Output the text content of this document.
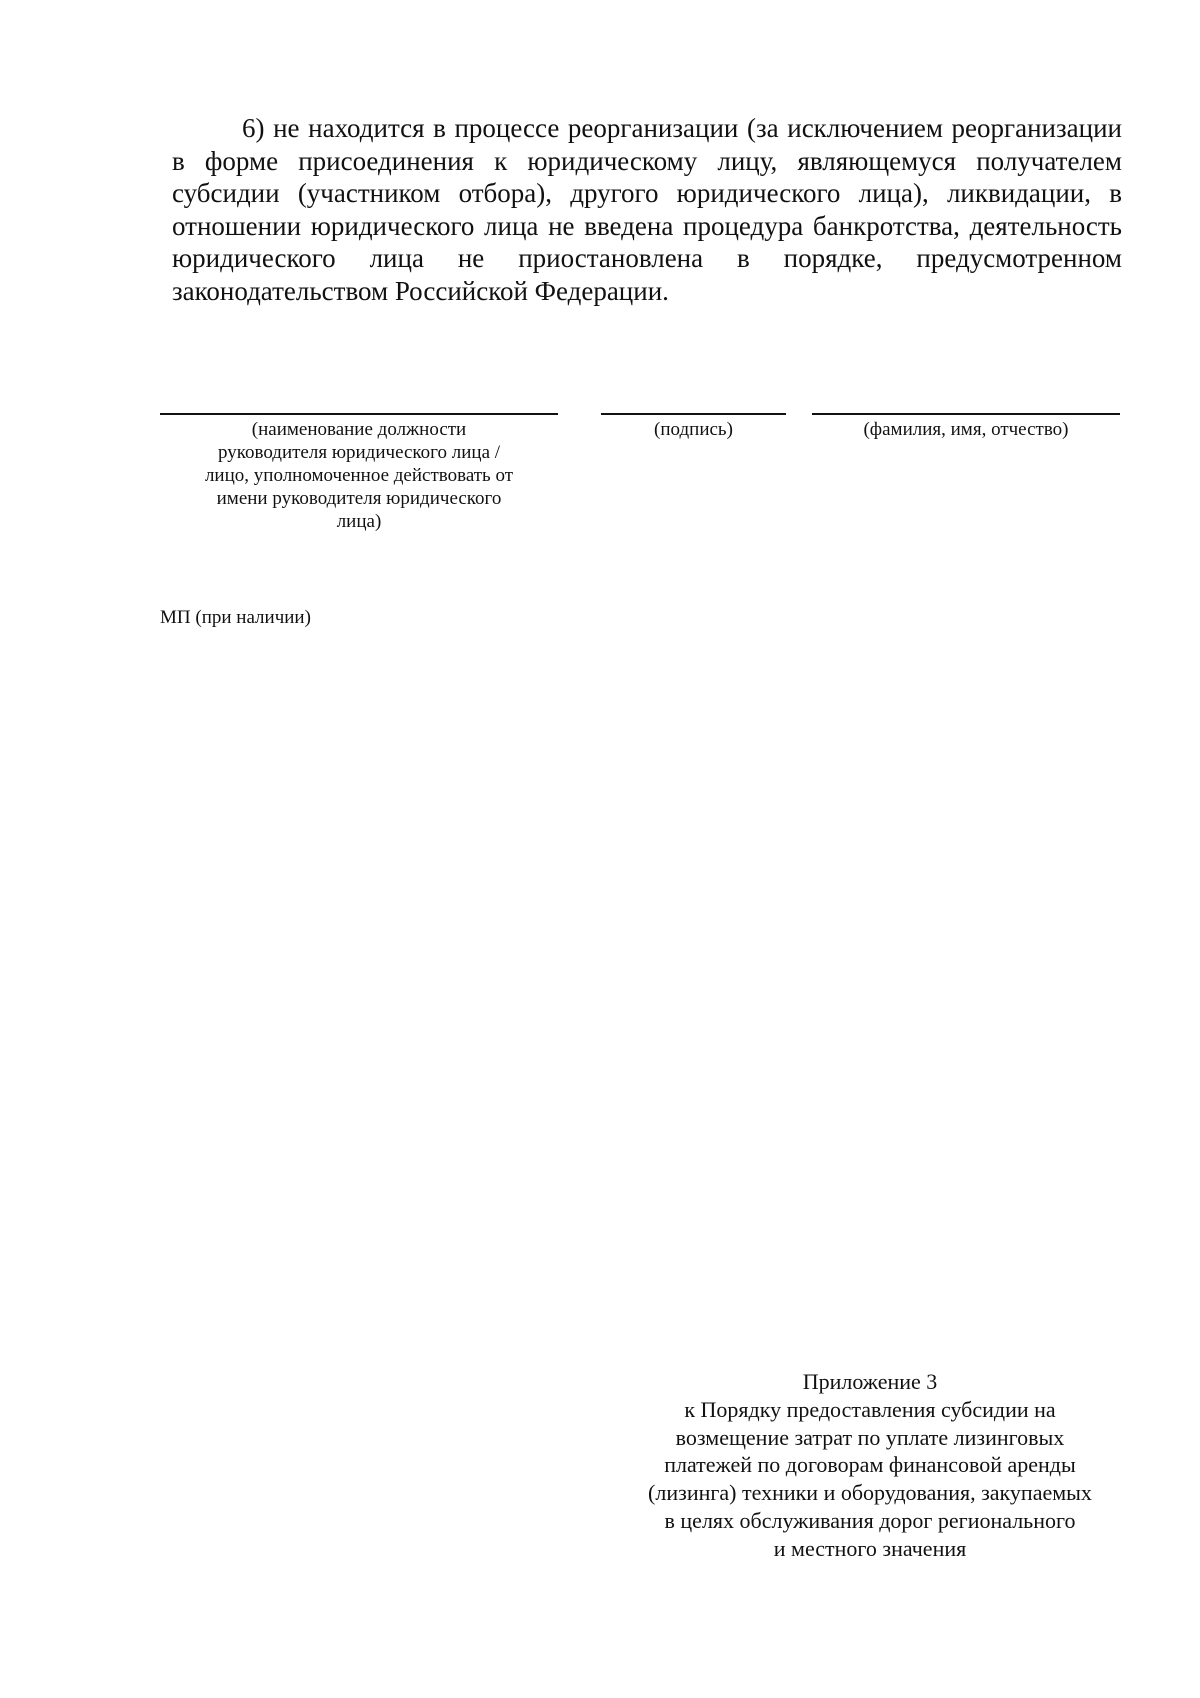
6) не находится в процессе реорганизации (за исключением реорганизации в форме присоединения к юридическому лицу, являющемуся получателем субсидии (участником отбора), другого юридического лица), ликвидации, в отношении юридического лица не введена процедура банкротства, деятельность юридического лица не приостановлена в порядке, предусмотренном законодательством Российской Федерации.

(наименование должности
руководителя юридического лица /
лицо, уполномоченное действовать от
имени руководителя юридического
лица)

(подпись)	(фамилия, имя, отчество)

МП (при наличии)

Приложение 3
к Порядку предоставления субсидии на
возмещение затрат по уплате лизинговых
платежей по договорам финансовой аренды
(лизинга) техники и оборудования, закупаемых
в целях обслуживания дорог регионального
и местного значения
